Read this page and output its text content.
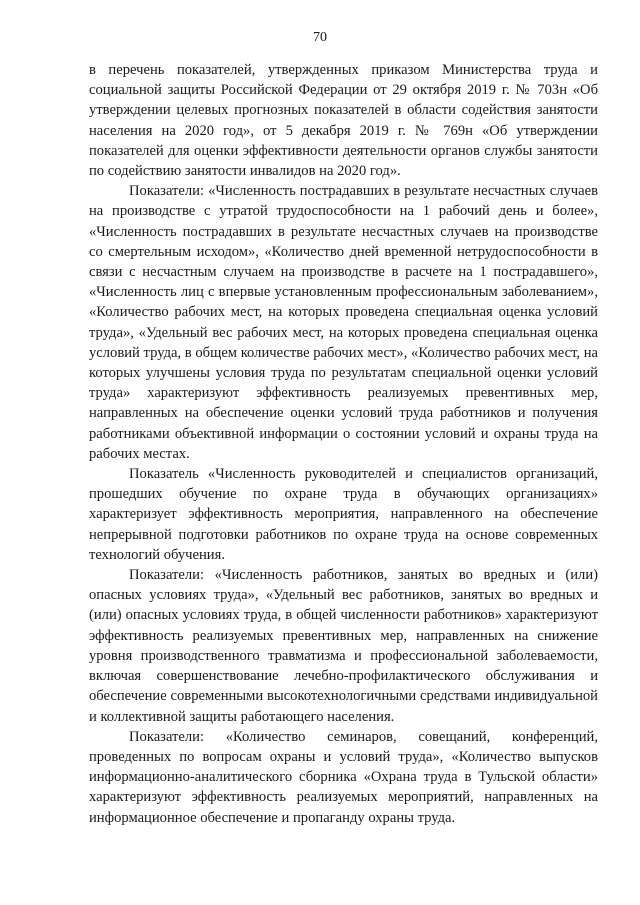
70

в перечень показателей, утвержденных приказом Министерства труда и социальной защиты Российской Федерации от 29 октября 2019 г. № 703н «Об утверждении целевых прогнозных показателей в области содействия занятости населения на 2020 год», от 5 декабря 2019 г. № 769н «Об утверждении показателей для оценки эффективности деятельности органов службы занятости по содействию занятости инвалидов на 2020 год».

Показатели: «Численность пострадавших в результате несчастных случаев на производстве с утратой трудоспособности на 1 рабочий день и более», «Численность пострадавших в результате несчастных случаев на производстве со смертельным исходом», «Количество дней временной нетрудоспособности в связи с несчастным случаем на производстве в расчете на 1 пострадавшего», «Численность лиц с впервые установленным профессиональным заболеванием», «Количество рабочих мест, на которых проведена специальная оценка условий труда», «Удельный вес рабочих мест, на которых проведена специальная оценка условий труда, в общем количестве рабочих мест», «Количество рабочих мест, на которых улучшены условия труда по результатам специальной оценки условий труда» характеризуют эффективность реализуемых превентивных мер, направленных на обеспечение оценки условий труда работников и получения работниками объективной информации о состоянии условий и охраны труда на рабочих местах.

Показатель «Численность руководителей и специалистов организаций, прошедших обучение по охране труда в обучающих организациях» характеризует эффективность мероприятия, направленного на обеспечение непрерывной подготовки работников по охране труда на основе современных технологий обучения.

Показатели: «Численность работников, занятых во вредных и (или) опасных условиях труда», «Удельный вес работников, занятых во вредных и (или) опасных условиях труда, в общей численности работников» характеризуют эффективность реализуемых превентивных мер, направленных на снижение уровня производственного травматизма и профессиональной заболеваемости, включая совершенствование лечебно-профилактического обслуживания и обеспечение современными высокотехнологичными средствами индивидуальной и коллективной защиты работающего населения.

Показатели: «Количество семинаров, совещаний, конференций, проведенных по вопросам охраны и условий труда», «Количество выпусков информационно-аналитического сборника «Охрана труда в Тульской области» характеризуют эффективность реализуемых мероприятий, направленных на информационное обеспечение и пропаганду охраны труда.
